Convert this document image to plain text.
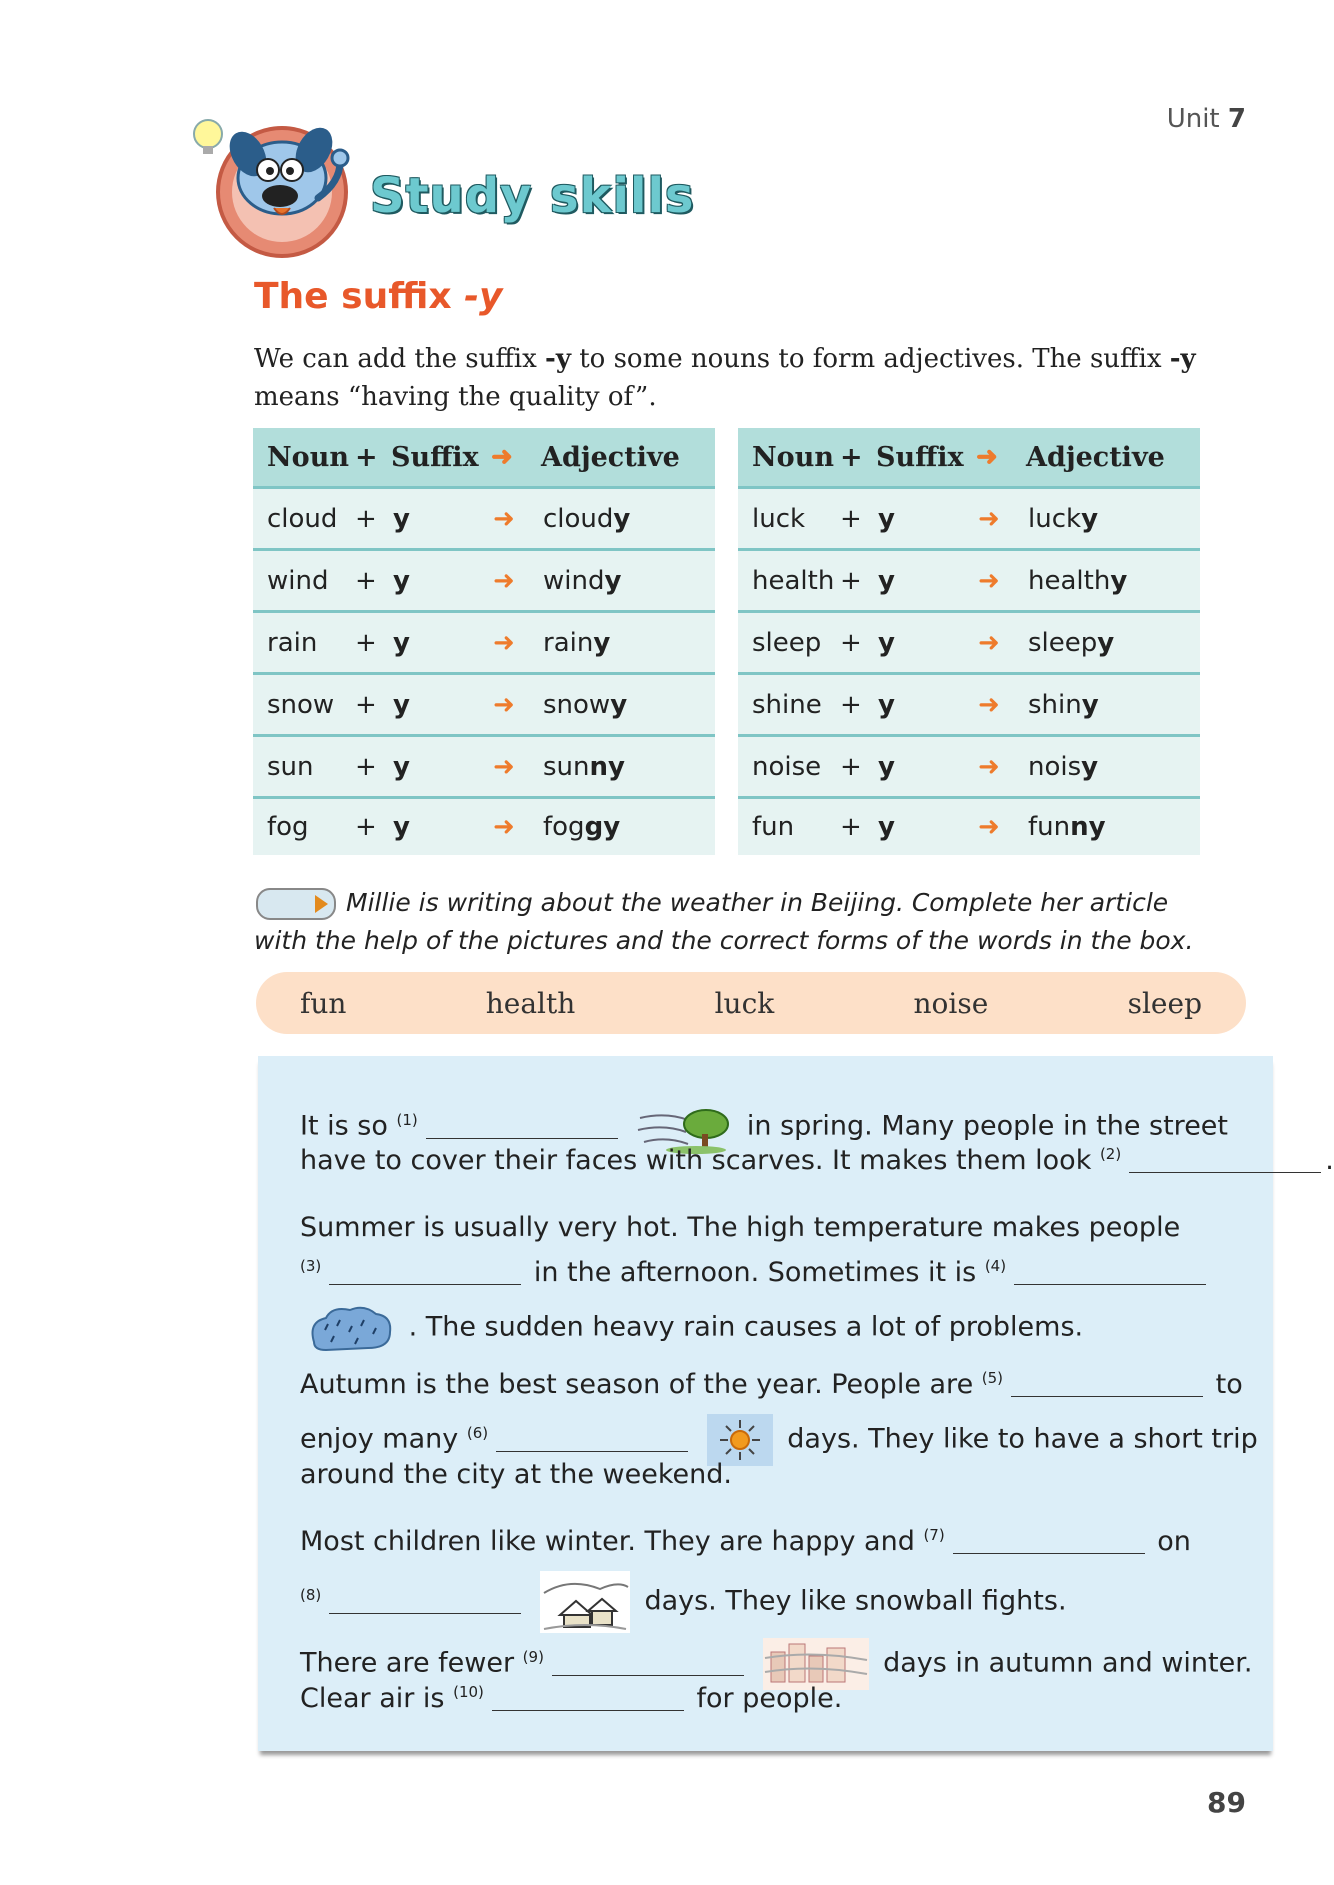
Unit 7
Study skills
The suffix -y
We can add the suffix -y to some nouns to form adjectives. The suffix -y means “having the quality of”.
Noun + Suffix ➜	Adjective
cloud + y	➜	cloudy
wind	+ y	➜	windy
rain	+ y	➜	rainy
snow + y	➜	snowy
sun	+ y	➜	sunny
fog	+ y	➜	foggy
Noun + Suffix ➜	Adjective
luck	+ y	➜	lucky
health + y	➜	healthy
sleep + y	➜	sleepy
shine + y	➜	shiny
noise + y	➜	noisy
fun	+ y	➜	funny
Millie is writing about the weather in Beijing. Complete her article with the help of the pictures and the correct forms of the words in the box.
fun	health	luck	noise	sleep
It is so $^{(1)}$	in spring. Many people in the street
have to cover their faces with scarves. It makes them look $^{(2)}$	.
Summer is usually very hot. The high temperature makes people
$^{(3)}$	in the afternoon. Sometimes it is $^{(4)}$
. The sudden heavy rain causes a lot of problems.
Autumn is the best season of the year. People are $^{(5)}$	to
enjoy many $^{(6)}$	days. They like to have a short trip
around the city at the weekend.
Most children like winter. They are happy and $^{(7)}$	on
$^{(8)}$	days. They like snowball fights.
There are fewer $^{(9)}$	days in autumn and winter.
Clear air is $^{(10)}$	for people.
89
